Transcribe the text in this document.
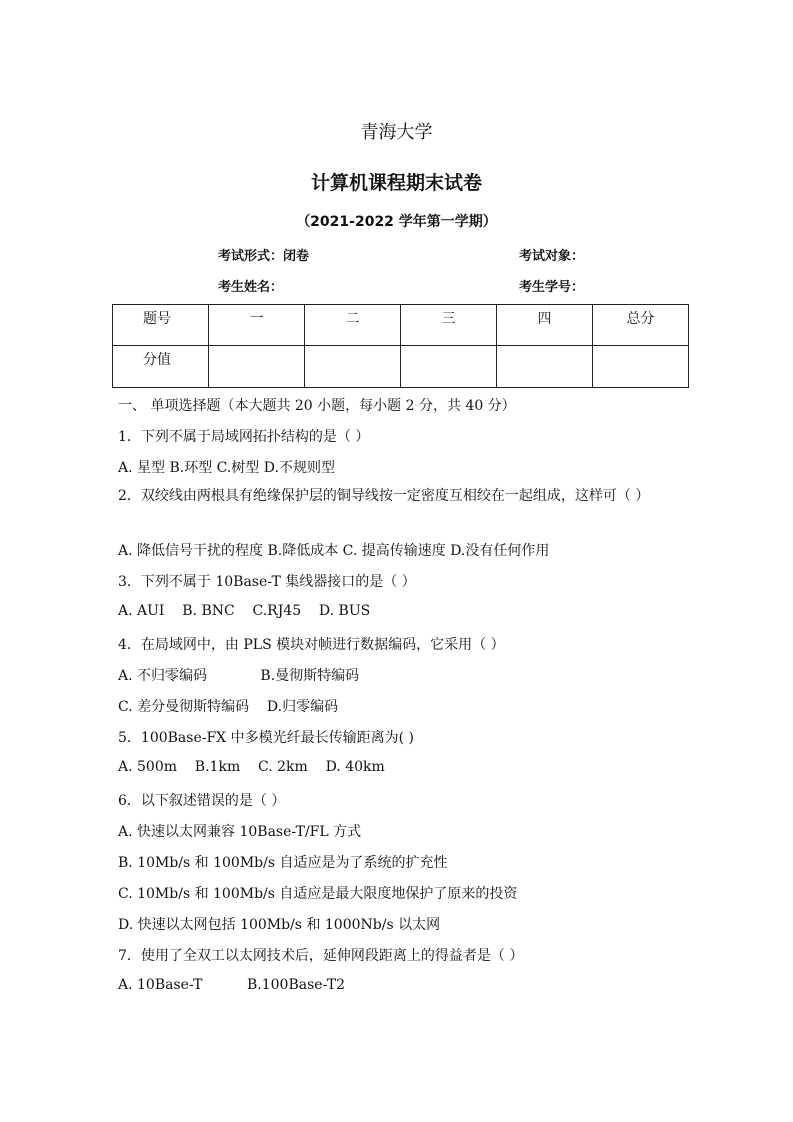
青海大学
计算机课程期末试卷
（2021-2022 学年第一学期）
考试形式：闭卷	考试对象：
考生姓名：	考生学号：
题号	一	二	三	四	总分
分值					
一、 单项选择题（本大题共 20 小题，每小题 2 分，共 40 分）
1．下列不属于局域网拓扑结构的是（ ）
A. 星型 B.环型 C.树型 D.不规则型
2．双绞线由两根具有绝缘保护层的铜导线按一定密度互相绞在一起组成，这样可（ ）
A. 降低信号干扰的程度 B.降低成本 C. 提高传输速度 D.没有任何作用
3．下列不属于 10Base-T 集线器接口的是（ ）
A. AUI    B. BNC    C.RJ45    D. BUS
4．在局域网中，由 PLS 模块对帧进行数据编码，它采用（ ）
A. 不归零编码            B.曼彻斯特编码
C. 差分曼彻斯特编码    D.归零编码
5．100Base-FX 中多模光纤最长传输距离为( )
A. 500m    B.1km    C. 2km    D. 40km
6．以下叙述错误的是（ ）
A. 快速以太网兼容 10Base-T/FL 方式
B. 10Mb/s 和 100Mb/s 自适应是为了系统的扩充性
C. 10Mb/s 和 100Mb/s 自适应是最大限度地保护了原来的投资
D. 快速以太网包括 100Mb/s 和 1000Nb/s 以太网
7．使用了全双工以太网技术后，延伸网段距离上的得益者是（ ）
A. 10Base-T          B.100Base-T2
